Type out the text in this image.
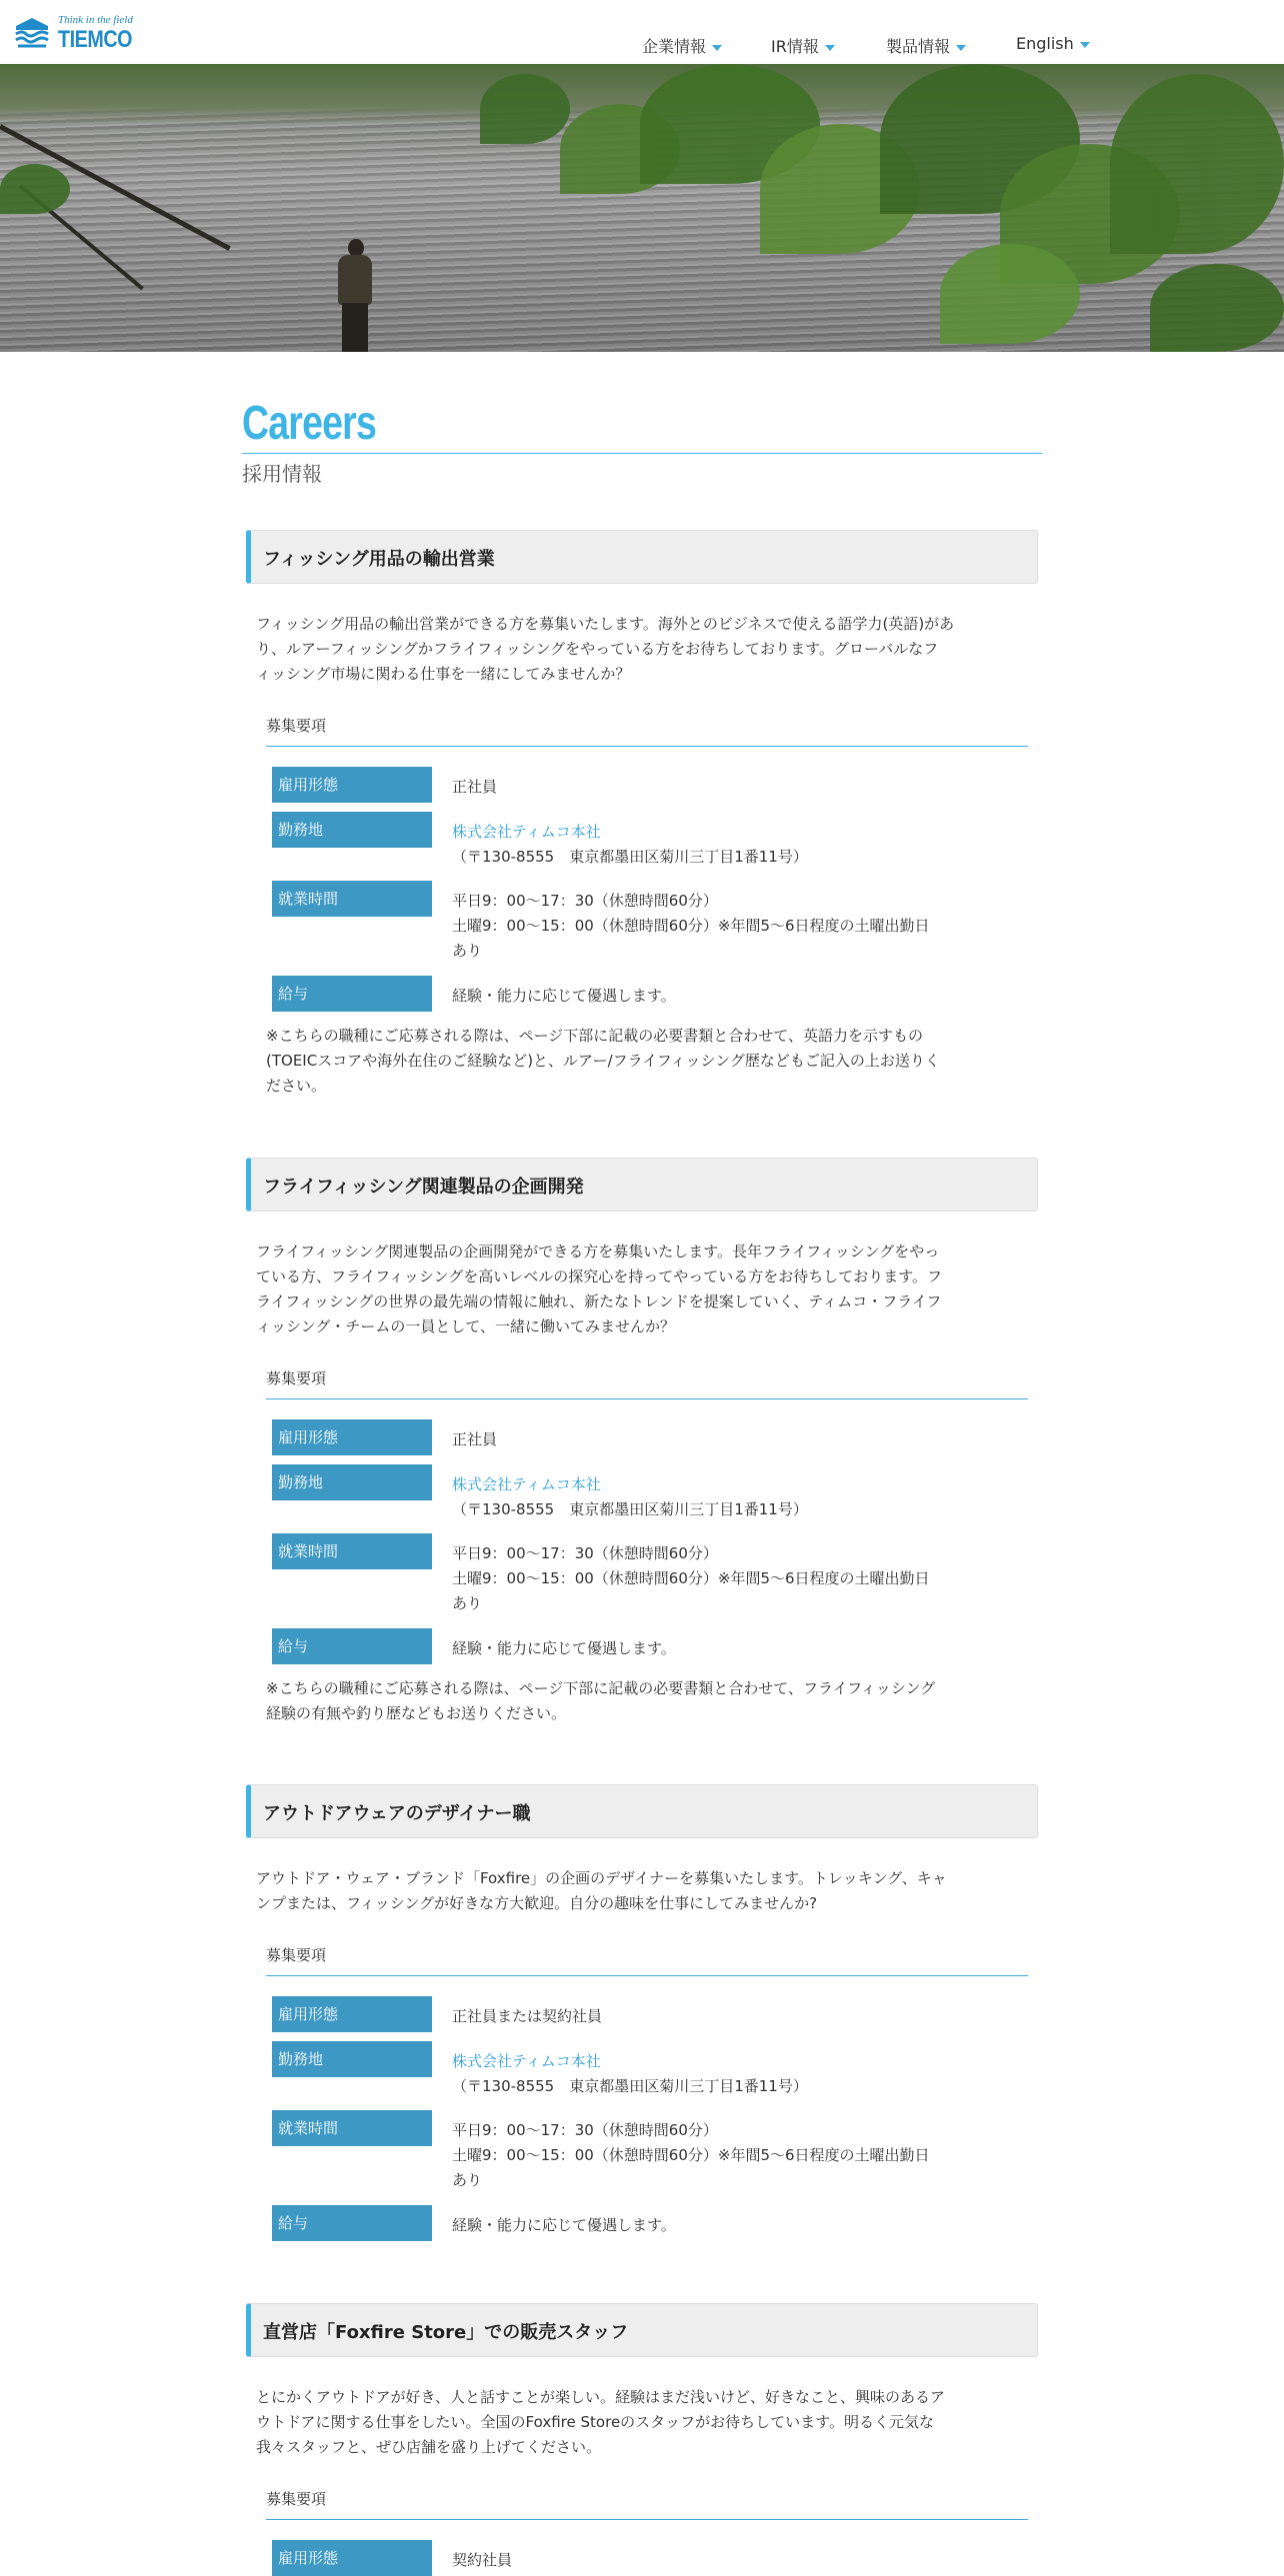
Think in the field
TIEMCO	企業情報	IR情報	製品情報	English
Careers
採用情報
フィッシング用品の輸出営業
フィッシング用品の輸出営業ができる方を募集いたします。海外とのビジネスで使える語学力(英語)があ
り、ルアーフィッシングかフライフィッシングをやっている方をお待ちしております。グローバルなフ
ィッシング市場に関わる仕事を一緒にしてみませんか？
募集要項
雇用形態	正社員
勤務地	株式会社ティムコ本社
（〒130-8555　東京都墨田区菊川三丁目1番11号）
就業時間	平日9：00～17：30（休憩時間60分）
土曜9：00～15：00（休憩時間60分）※年間5～6日程度の土曜出勤日
あり
給与	経験・能力に応じて優遇します。
※こちらの職種にご応募される際は、ページ下部に記載の必要書類と合わせて、英語力を示すもの
(TOEICスコアや海外在住のご経験など)と、ルアー/フライフィッシング歴などもご記入の上お送りく
ださい。
フライフィッシング関連製品の企画開発
フライフィッシング関連製品の企画開発ができる方を募集いたします。長年フライフィッシングをやっ
ている方、フライフィッシングを高いレベルの探究心を持ってやっている方をお待ちしております。フ
ライフィッシングの世界の最先端の情報に触れ、新たなトレンドを提案していく、ティムコ・フライフ
ィッシング・チームの一員として、一緒に働いてみませんか？
募集要項
雇用形態	正社員
勤務地	株式会社ティムコ本社
（〒130-8555　東京都墨田区菊川三丁目1番11号）
就業時間	平日9：00～17：30（休憩時間60分）
土曜9：00～15：00（休憩時間60分）※年間5～6日程度の土曜出勤日
あり
給与	経験・能力に応じて優遇します。
※こちらの職種にご応募される際は、ページ下部に記載の必要書類と合わせて、フライフィッシング
経験の有無や釣り歴などもお送りください。
アウトドアウェアのデザイナー職
アウトドア・ウェア・ブランド「Foxfire」の企画のデザイナーを募集いたします。トレッキング、キャ
ンプまたは、フィッシングが好きな方大歓迎。自分の趣味を仕事にしてみませんか?
募集要項
雇用形態	正社員または契約社員
勤務地	株式会社ティムコ本社
（〒130-8555　東京都墨田区菊川三丁目1番11号）
就業時間	平日9：00～17：30（休憩時間60分）
土曜9：00～15：00（休憩時間60分）※年間5～6日程度の土曜出勤日
あり
給与	経験・能力に応じて優遇します。
直営店「Foxfire Store」での販売スタッフ
とにかくアウトドアが好き、人と話すことが楽しい。経験はまだ浅いけど、好きなこと、興味のあるア
ウトドアに関する仕事をしたい。全国のFoxfire Storeのスタッフがお待ちしています。明るく元気な
我々スタッフと、ぜひ店舗を盛り上げてください。
募集要項
雇用形態	契約社員
